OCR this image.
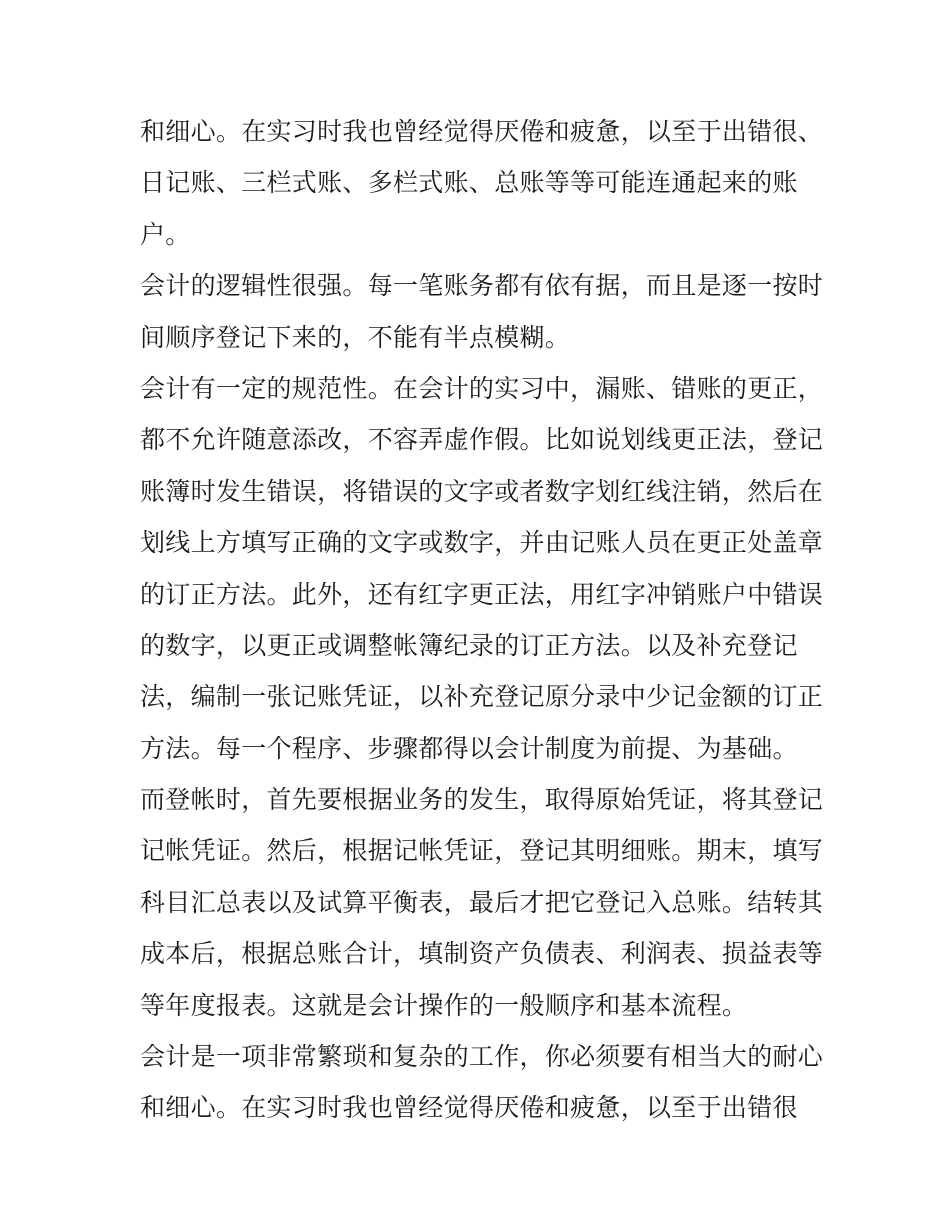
和细心。在实习时我也曾经觉得厌倦和疲惫，以至于出错很、
日记账、三栏式账、多栏式账、总账等等可能连通起来的账
户。
会计的逻辑性很强。每一笔账务都有依有据，而且是逐一按时
间顺序登记下来的，不能有半点模糊。
会计有一定的规范性。在会计的实习中，漏账、错账的更正，
都不允许随意添改，不容弄虚作假。比如说划线更正法，登记
账簿时发生错误，将错误的文字或者数字划红线注销，然后在
划线上方填写正确的文字或数字，并由记账人员在更正处盖章
的订正方法。此外，还有红字更正法，用红字冲销账户中错误
的数字，以更正或调整帐簿纪录的订正方法。以及补充登记
法，编制一张记账凭证，以补充登记原分录中少记金额的订正
方法。每一个程序、步骤都得以会计制度为前提、为基础。
而登帐时，首先要根据业务的发生，取得原始凭证，将其登记
记帐凭证。然后，根据记帐凭证，登记其明细账。期末，填写
科目汇总表以及试算平衡表，最后才把它登记入总账。结转其
成本后，根据总账合计，填制资产负债表、利润表、损益表等
等年度报表。这就是会计操作的一般顺序和基本流程。
会计是一项非常繁琐和复杂的工作，你必须要有相当大的耐心
和细心。在实习时我也曾经觉得厌倦和疲惫，以至于出错很
